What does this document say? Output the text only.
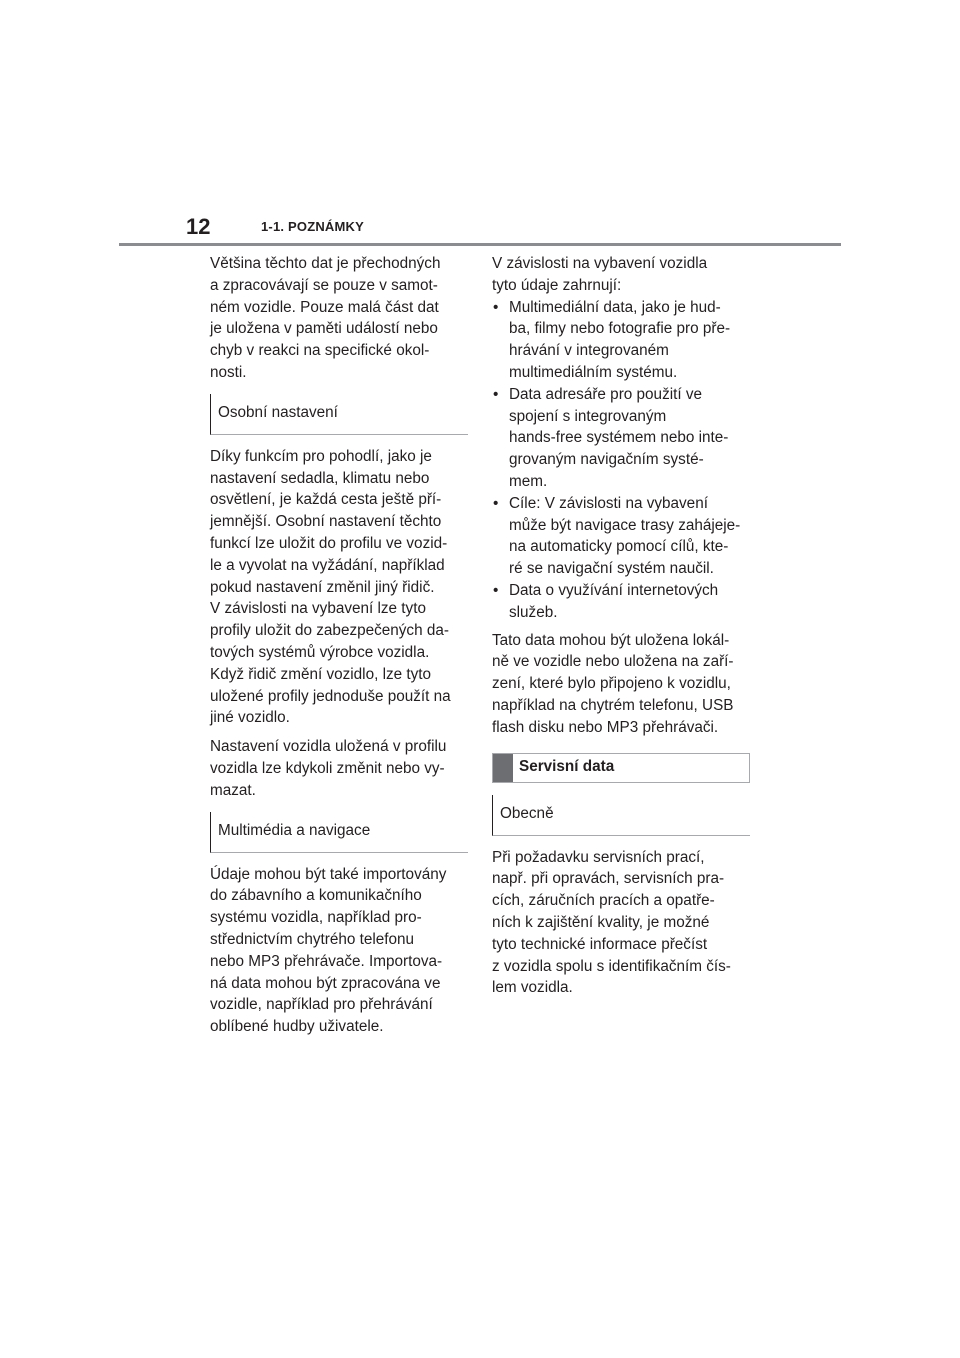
12	1-1. POZNÁMKY

Většina těchto dat je přechodných
a zpracovávají se pouze v samot-
ném vozidle. Pouze malá část dat
je uložena v paměti událostí nebo
chyb v reakci na specifické okol-
nosti.

Osobní nastavení

Díky funkcím pro pohodlí, jako je
nastavení sedadla, klimatu nebo
osvětlení, je každá cesta ještě pří-
jemnější. Osobní nastavení těchto
funkcí lze uložit do profilu ve vozid-
le a vyvolat na vyžádání, například
pokud nastavení změnil jiný řidič.
V závislosti na vybavení lze tyto
profily uložit do zabezpečených da-
tových systémů výrobce vozidla.
Když řidič změní vozidlo, lze tyto
uložené profily jednoduše použít na
jiné vozidlo.

Nastavení vozidla uložená v profilu
vozidla lze kdykoli změnit nebo vy-
mazat.

Multimédia a navigace

Údaje mohou být také importovány
do zábavního a komunikačního
systému vozidla, například pro-
střednictvím chytrého telefonu
nebo MP3 přehrávače. Importova-
ná data mohou být zpracována ve
vozidle, například pro přehrávání
oblíbené hudby uživatele.

V závislosti na vybavení vozidla
tyto údaje zahrnují:

• Multimediální data, jako je hud-
ba, filmy nebo fotografie pro pře-
hrávání v integrovaném
multimediálním systému.
• Data adresáře pro použití ve
spojení s integrovaným
hands-free systémem nebo inte-
grovaným navigačním systé-
mem.
• Cíle: V závislosti na vybavení
může být navigace trasy zahájeje-
na automaticky pomocí cílů, kte-
ré se navigační systém naučil.
• Data o využívání internetových
služeb.

Tato data mohou být uložena lokál-
ně ve vozidle nebo uložena na zaří-
zení, které bylo připojeno k vozidlu,
například na chytrém telefonu, USB
flash disku nebo MP3 přehrávači.

Servisní data
Obecně

Při požadavku servisních prací,
např. při opravách, servisních pra-
cích, záručních pracích a opatře-
ních k zajištění kvality, je možné
tyto technické informace přečíst
z vozidla spolu s identifikačním čís-
lem vozidla.
